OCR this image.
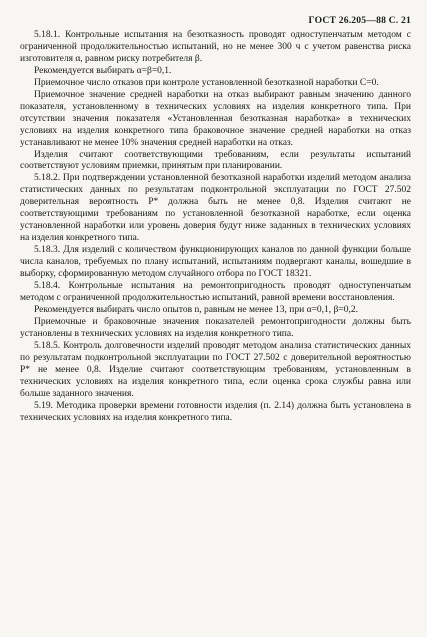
ГОСТ 26.205—88 С. 21

5.18.1. Контрольные испытания на безотказность проводят одноступенчатым методом с ограниченной продолжительностью испытаний, но не менее 300 ч с учетом равенства риска изготовителя α, равном риску потребителя β.

Рекомендуется выбирать α=β=0,1.

Приемочное число отказов при контроле установленной безотказной наработки C=0.

Приемочное значение средней наработки на отказ выбирают равным значению данного показателя, установленному в технических условиях на изделия конкретного типа. При отсутствии значения показателя «Установленная безотказная наработка» в технических условиях на изделия конкретного типа браковочное значение средней наработки на отказ устанавливают не менее 10% значения средней наработки на отказ.

Изделия считают соответствующими требованиям, если результаты испытаний соответствуют условиям приемки, принятым при планировании.

5.18.2. При подтверждении установленной безотказной наработки изделий методом анализа статистических данных по результатам подконтрольной эксплуатации по ГОСТ 27.502 доверительная вероятность P* должна быть не менее 0,8. Изделия считают не соответствующими требованиям по установленной безотказной наработке, если оценка установленной наработки или уровень доверия будут ниже заданных в технических условиях на изделия конкретного типа.

5.18.3. Для изделий с количеством функционирующих каналов по данной функции больше числа каналов, требуемых по плану испытаний, испытаниям подвергают каналы, вошедшие в выборку, сформированную методом случайного отбора по ГОСТ 18321.

5.18.4. Контрольные испытания на ремонтопригодность проводят одноступенчатым методом с ограниченной продолжительностью испытаний, равной времени восстановления.

Рекомендуется выбирать число опытов n, равным не менее 13, при α=0,1, β=0,2.

Приемочные и браковочные значения показателей ремонтопригодности должны быть установлены в технических условиях на изделия конкретного типа.

5.18.5. Контроль долговечности изделий проводят методом анализа статистических данных по результатам подконтрольной эксплуатации по ГОСТ 27.502 с доверительной вероятностью P* не менее 0,8. Изделие считают соответствующим требованиям, установленным в технических условиях на изделия конкретного типа, если оценка срока службы равна или больше заданного значения.

5.19. Методика проверки времени готовности изделия (п. 2.14) должна быть установлена в технических условиях на изделия конкретного типа.
